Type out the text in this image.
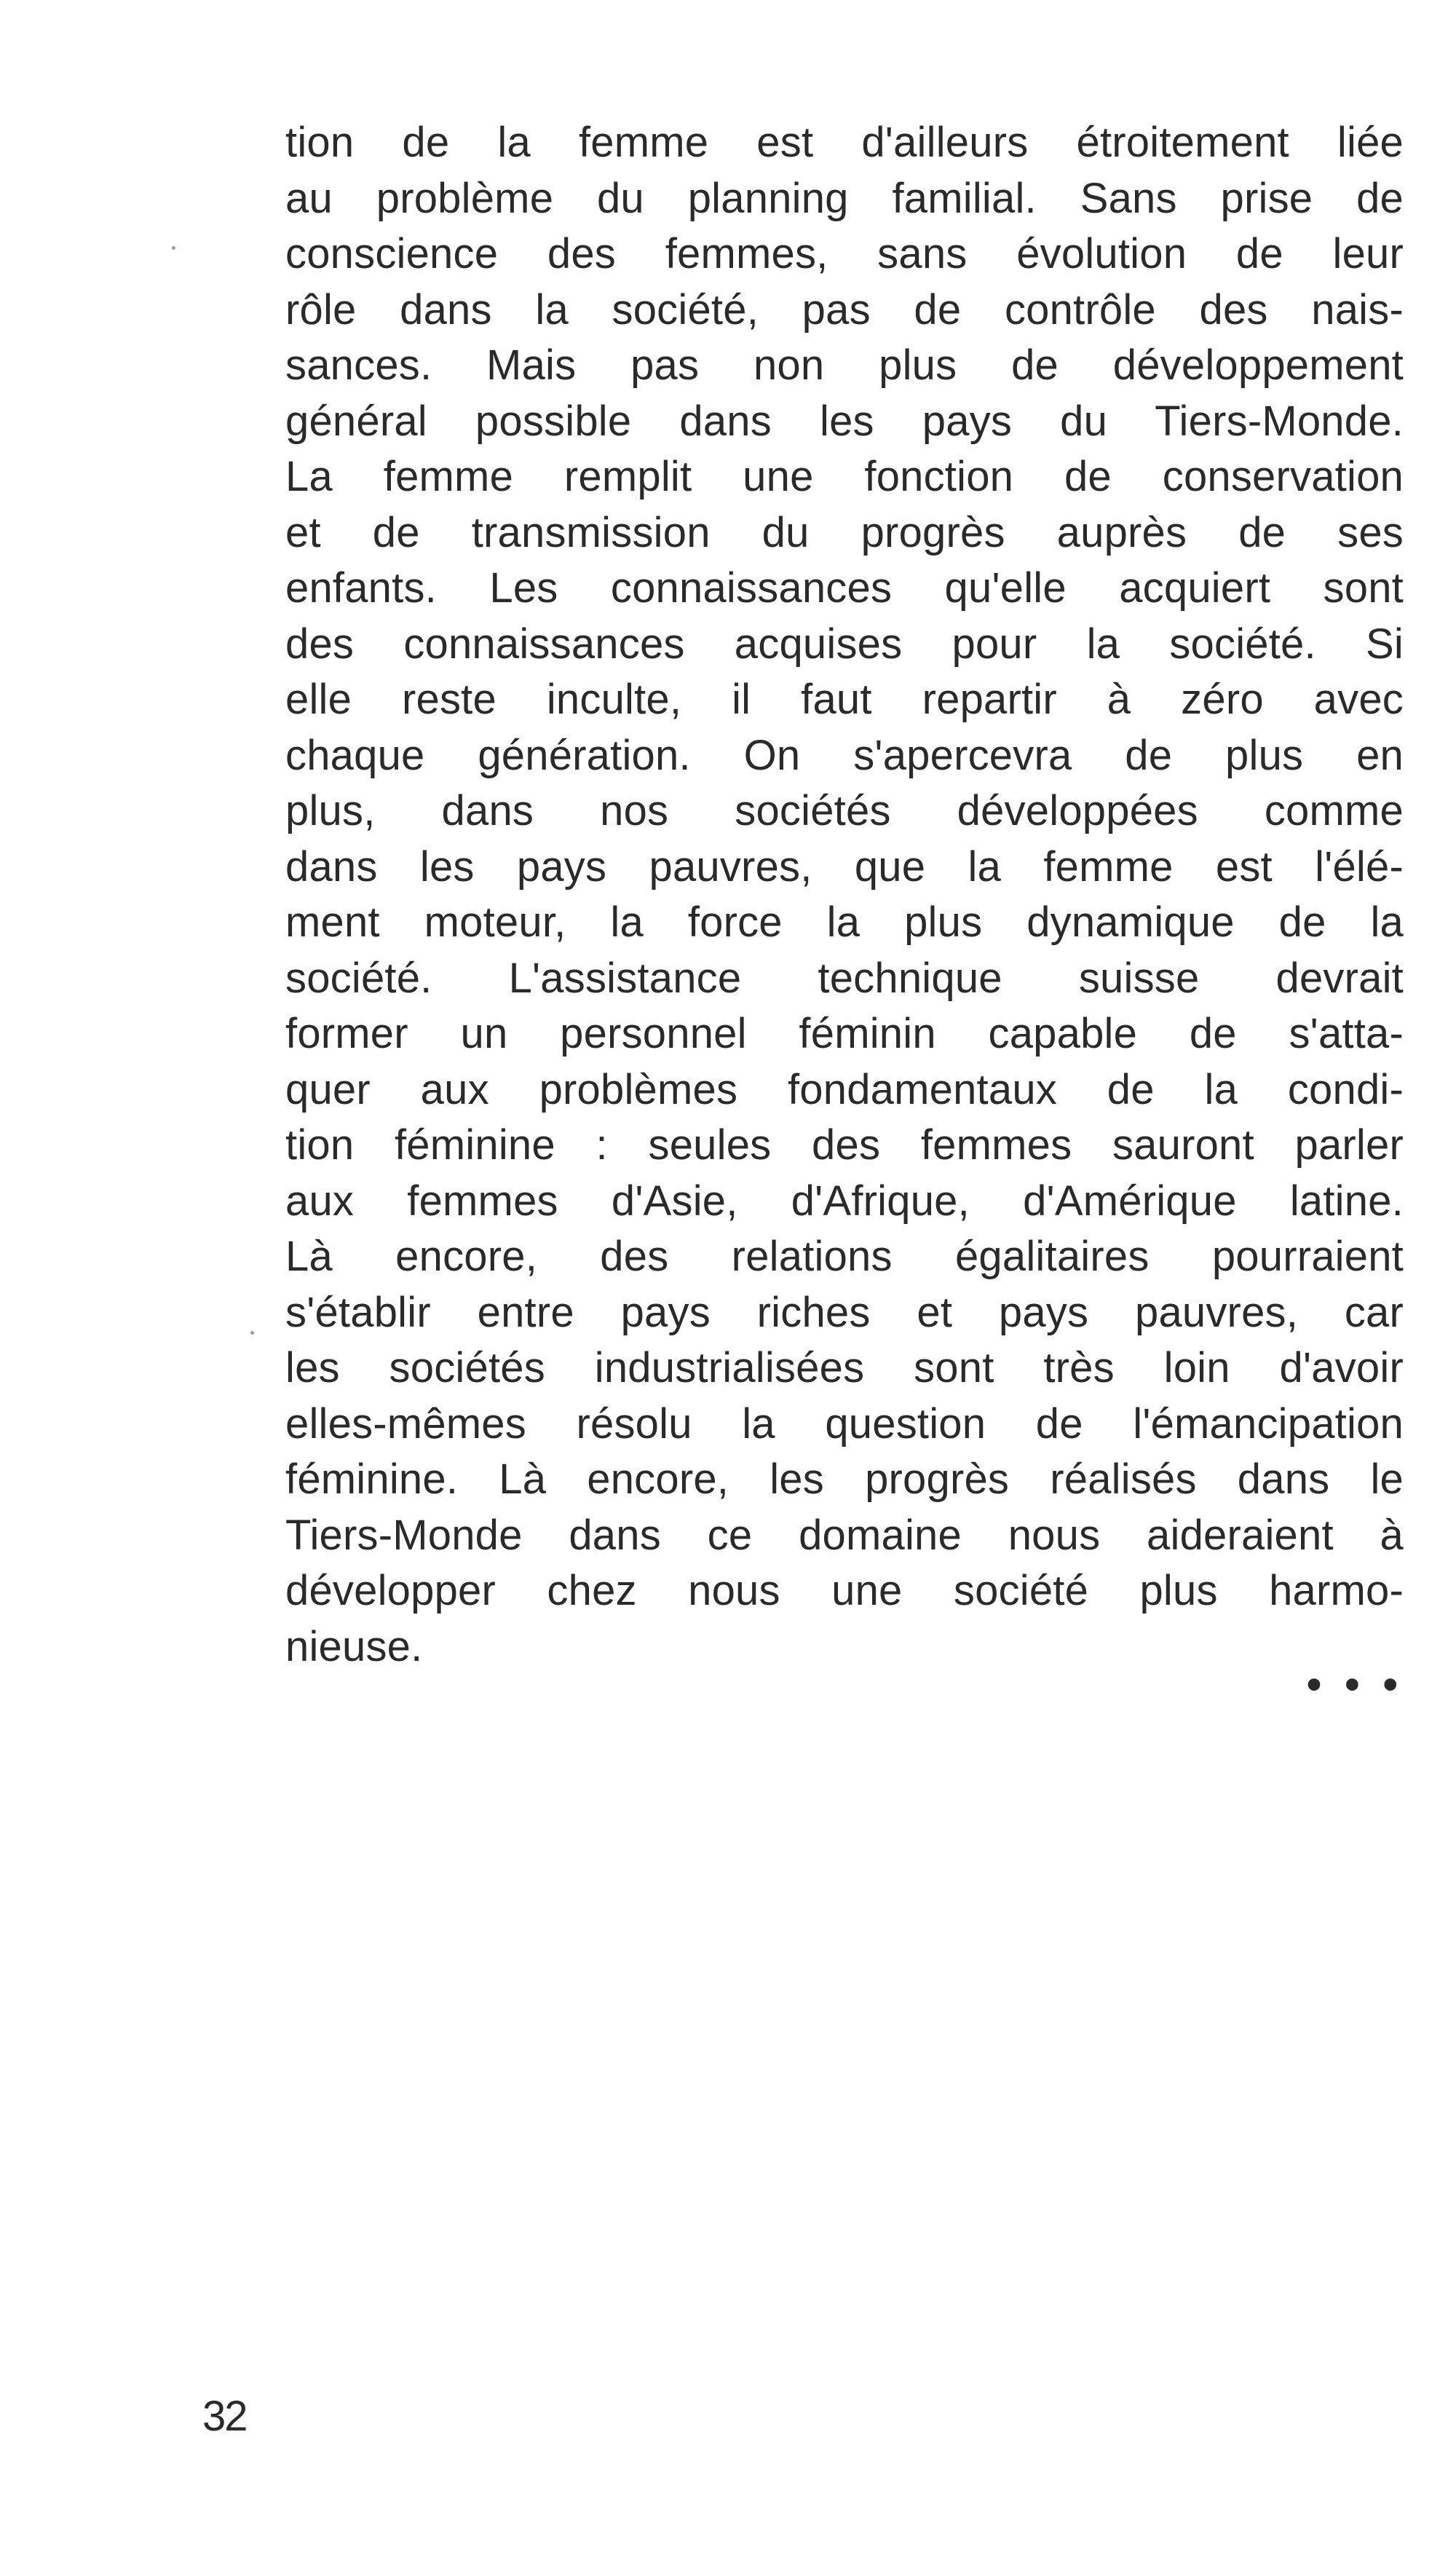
tion de la femme est d'ailleurs étroitement liée
au problème du planning familial. Sans prise de
conscience des femmes, sans évolution de leur
rôle dans la société, pas de contrôle des nais-
sances. Mais pas non plus de développement
général possible dans les pays du Tiers-Monde.
La femme remplit une fonction de conservation
et de transmission du progrès auprès de ses
enfants. Les connaissances qu'elle acquiert sont
des connaissances acquises pour la société. Si
elle reste inculte, il faut repartir à zéro avec
chaque génération. On s'apercevra de plus en
plus, dans nos sociétés développées comme
dans les pays pauvres, que la femme est l'élé-
ment moteur, la force la plus dynamique de la
société. L'assistance technique suisse devrait
former un personnel féminin capable de s'atta-
quer aux problèmes fondamentaux de la condi-
tion féminine : seules des femmes sauront parler
aux femmes d'Asie, d'Afrique, d'Amérique latine.
Là encore, des relations égalitaires pourraient
s'établir entre pays riches et pays pauvres, car
les sociétés industrialisées sont très loin d'avoir
elles-mêmes résolu la question de l'émancipation
féminine. Là encore, les progrès réalisés dans le
Tiers-Monde dans ce domaine nous aideraient à
développer chez nous une société plus harmo-
nieuse.
• • •
32
